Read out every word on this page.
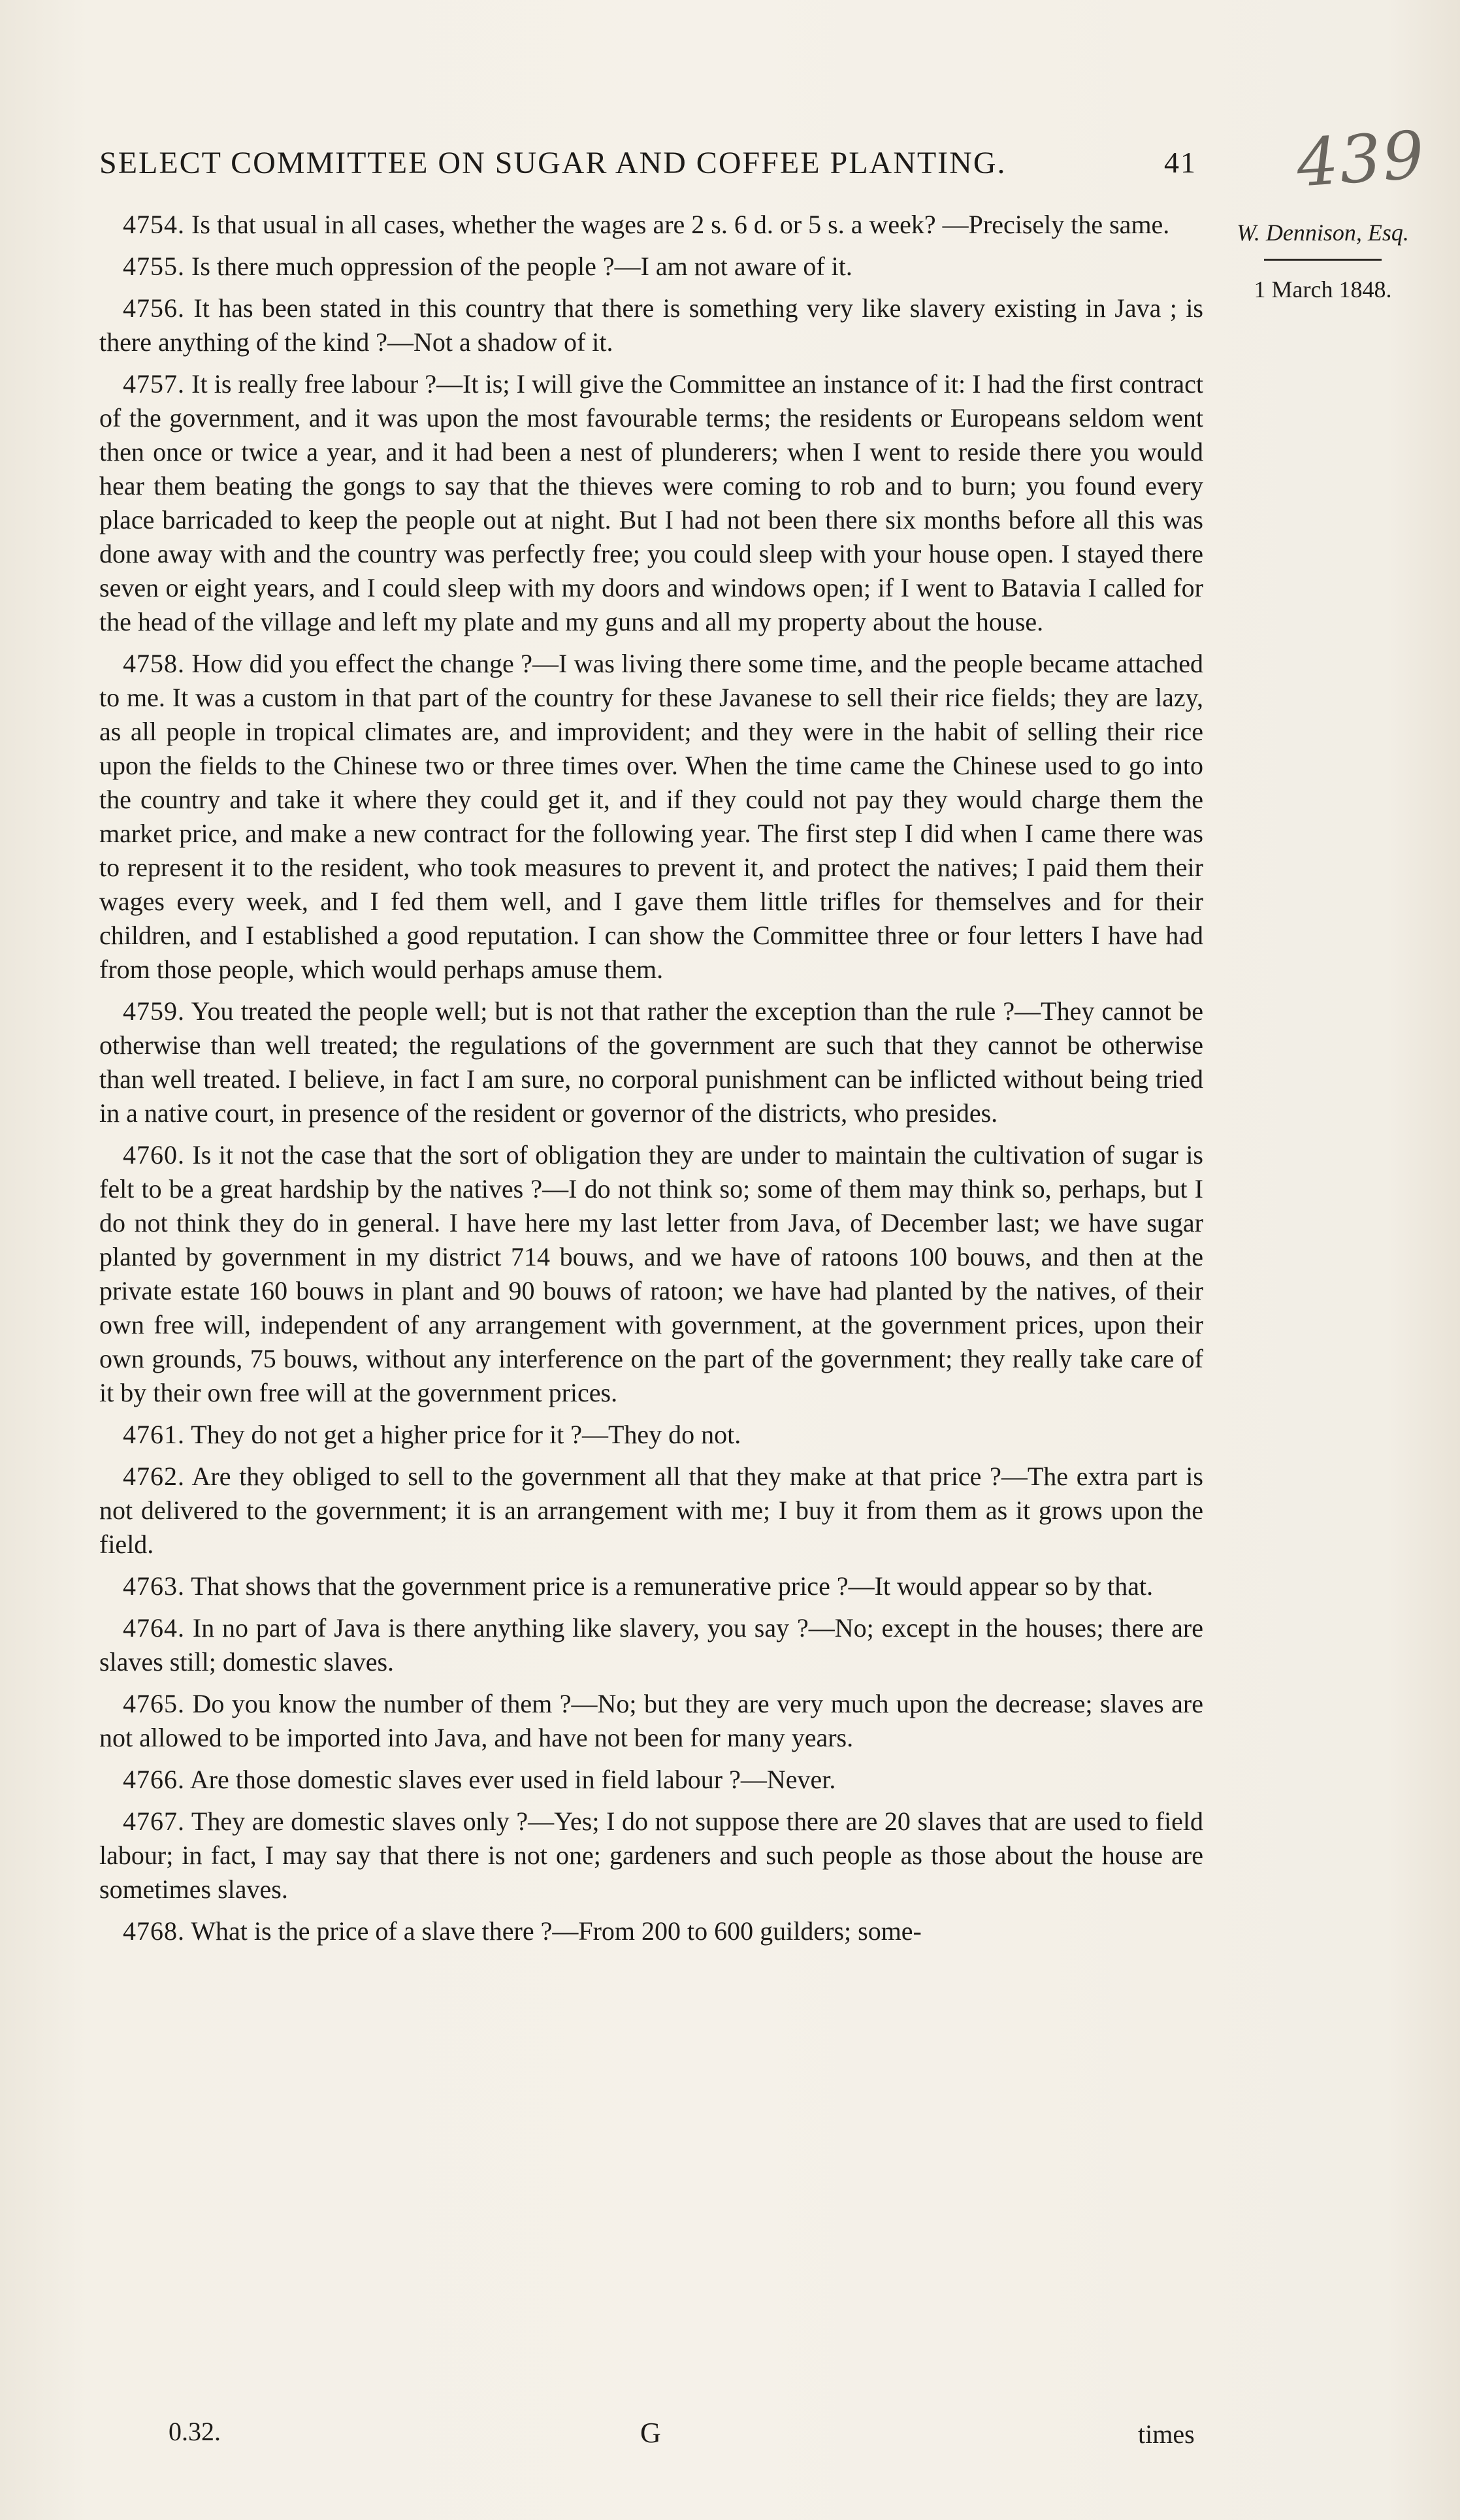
SELECT COMMITTEE ON SUGAR AND COFFEE PLANTING.	41 439
W. Dennison, Esq.
1 March 1848.

4754. Is that usual in all cases, whether the wages are 2 s. 6 d. or 5 s. a week? —Precisely the same.

4755. Is there much oppression of the people ?—I am not aware of it.

4756. It has been stated in this country that there is something very like slavery existing in Java ; is there anything of the kind ?—Not a shadow of it.

4757. It is really free labour ?—It is; I will give the Committee an instance of it: I had the first contract of the government, and it was upon the most favourable terms; the residents or Europeans seldom went then once or twice a year, and it had been a nest of plunderers; when I went to reside there you would hear them beating the gongs to say that the thieves were coming to rob and to burn; you found every place barricaded to keep the people out at night. But I had not been there six months before all this was done away with and the country was perfectly free; you could sleep with your house open. I stayed there seven or eight years, and I could sleep with my doors and windows open; if I went to Batavia I called for the head of the village and left my plate and my guns and all my property about the house.

4758. How did you effect the change ?—I was living there some time, and the people became attached to me. It was a custom in that part of the country for these Javanese to sell their rice fields; they are lazy, as all people in tropical climates are, and improvident; and they were in the habit of selling their rice upon the fields to the Chinese two or three times over. When the time came the Chinese used to go into the country and take it where they could get it, and if they could not pay they would charge them the market price, and make a new contract for the following year. The first step I did when I came there was to represent it to the resident, who took measures to prevent it, and protect the natives; I paid them their wages every week, and I fed them well, and I gave them little trifles for themselves and for their children, and I established a good reputation. I can show the Committee three or four letters I have had from those people, which would perhaps amuse them.

4759. You treated the people well; but is not that rather the exception than the rule ?—They cannot be otherwise than well treated; the regulations of the government are such that they cannot be otherwise than well treated. I believe, in fact I am sure, no corporal punishment can be inflicted without being tried in a native court, in presence of the resident or governor of the districts, who presides.

4760. Is it not the case that the sort of obligation they are under to maintain the cultivation of sugar is felt to be a great hardship by the natives ?—I do not think so; some of them may think so, perhaps, but I do not think they do in general. I have here my last letter from Java, of December last; we have sugar planted by government in my district 714 bouws, and we have of ratoons 100 bouws, and then at the private estate 160 bouws in plant and 90 bouws of ratoon; we have had planted by the natives, of their own free will, independent of any arrangement with government, at the government prices, upon their own grounds, 75 bouws, without any interference on the part of the government; they really take care of it by their own free will at the government prices.

4761. They do not get a higher price for it ?—They do not.

4762. Are they obliged to sell to the government all that they make at that price ?—The extra part is not delivered to the government; it is an arrangement with me; I buy it from them as it grows upon the field.

4763. That shows that the government price is a remunerative price ?—It would appear so by that.

4764. In no part of Java is there anything like slavery, you say ?—No; except in the houses; there are slaves still; domestic slaves.

4765. Do you know the number of them ?—No; but they are very much upon the decrease; slaves are not allowed to be imported into Java, and have not been for many years.

4766. Are those domestic slaves ever used in field labour ?—Never.

4767. They are domestic slaves only ?—Yes; I do not suppose there are 20 slaves that are used to field labour; in fact, I may say that there is not one; gardeners and such people as those about the house are sometimes slaves.

4768. What is the price of a slave there ?—From 200 to 600 guilders; some-

0.32.	G	times
